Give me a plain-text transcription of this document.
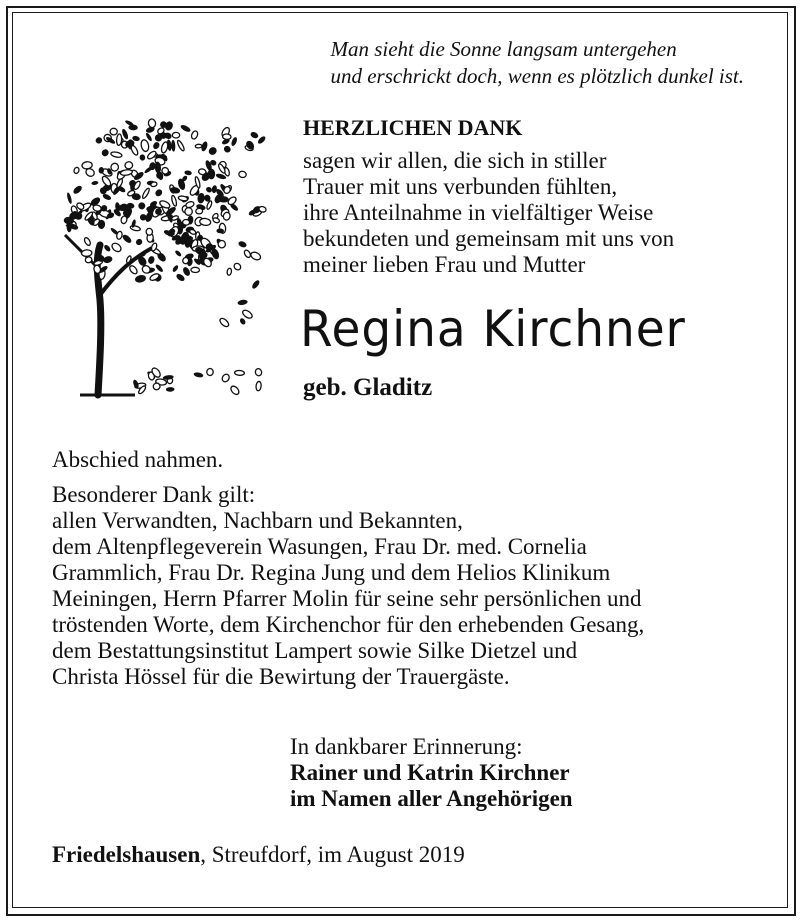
Man sieht die Sonne langsam untergehen
und erschrickt doch, wenn es plötzlich dunkel ist.
HERZLICHEN DANK
sagen wir allen, die sich in stiller
Trauer mit uns verbunden fühlten,
ihre Anteilnahme in vielfältiger Weise
bekundeten und gemeinsam mit uns von
meiner lieben Frau und Mutter
Regina Kirchner
geb. Gladitz
Abschied nahmen.
Besonderer Dank gilt:
allen Verwandten, Nachbarn und Bekannten,
dem Altenpflegeverein Wasungen, Frau Dr. med. Cornelia
Grammlich, Frau Dr. Regina Jung und dem Helios Klinikum
Meiningen, Herrn Pfarrer Molin für seine sehr persönlichen und
tröstenden Worte, dem Kirchenchor für den erhebenden Gesang,
dem Bestattungsinstitut Lampert sowie Silke Dietzel und
Christa Hössel für die Bewirtung der Trauergäste.
In dankbarer Erinnerung:
Rainer und Katrin Kirchner
im Namen aller Angehörigen
Friedelshausen, Streufdorf, im August 2019
